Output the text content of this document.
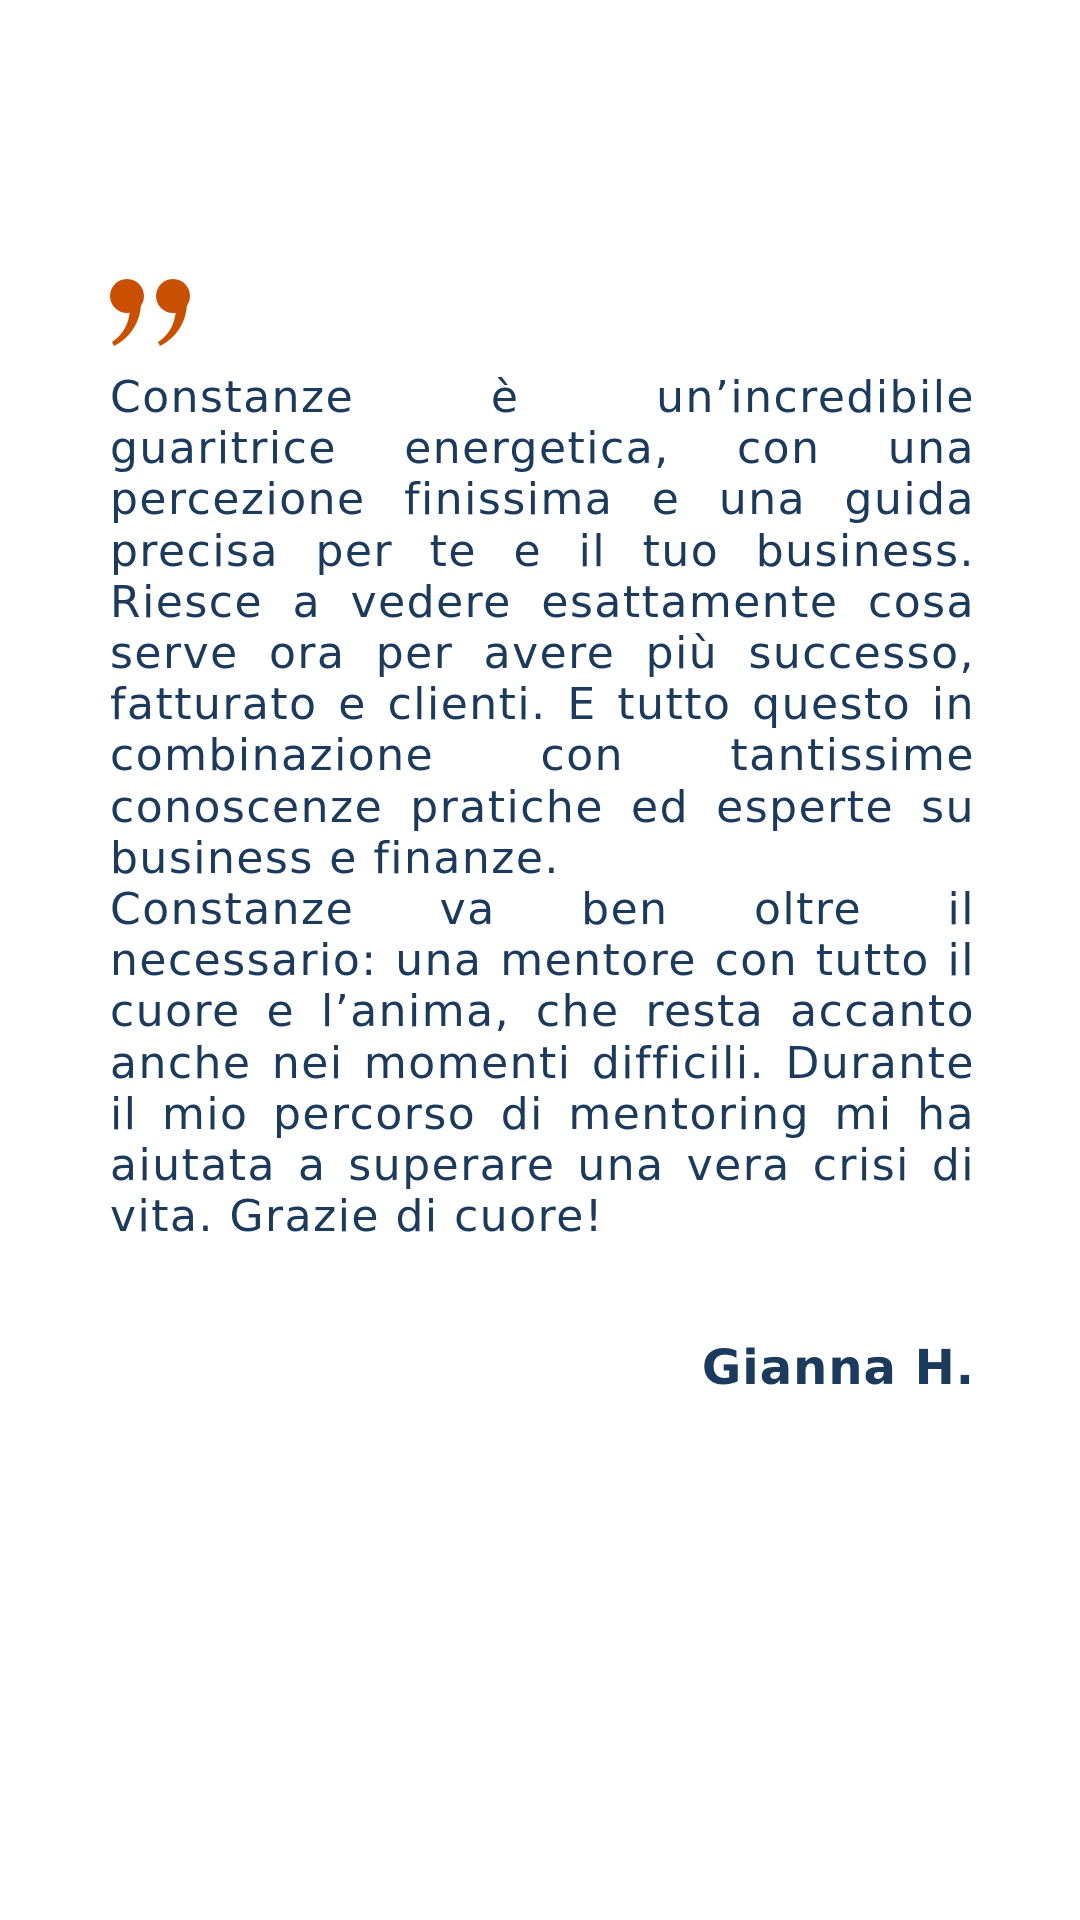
Constanze è un’incredibile guaritrice energetica, con una percezione finissima e una guida precisa per te e il tuo business. Riesce a vedere esattamente cosa serve ora per avere più successo, fatturato e clienti. E tutto questo in combinazione con tantissime conoscenze pratiche ed esperte su business e finanze.

Constanze va ben oltre il necessario: una mentore con tutto il cuore e l’anima, che resta accanto anche nei momenti difficili. Durante il mio percorso di mentoring mi ha aiutata a superare una vera crisi di vita. Grazie di cuore!

Gianna H.
